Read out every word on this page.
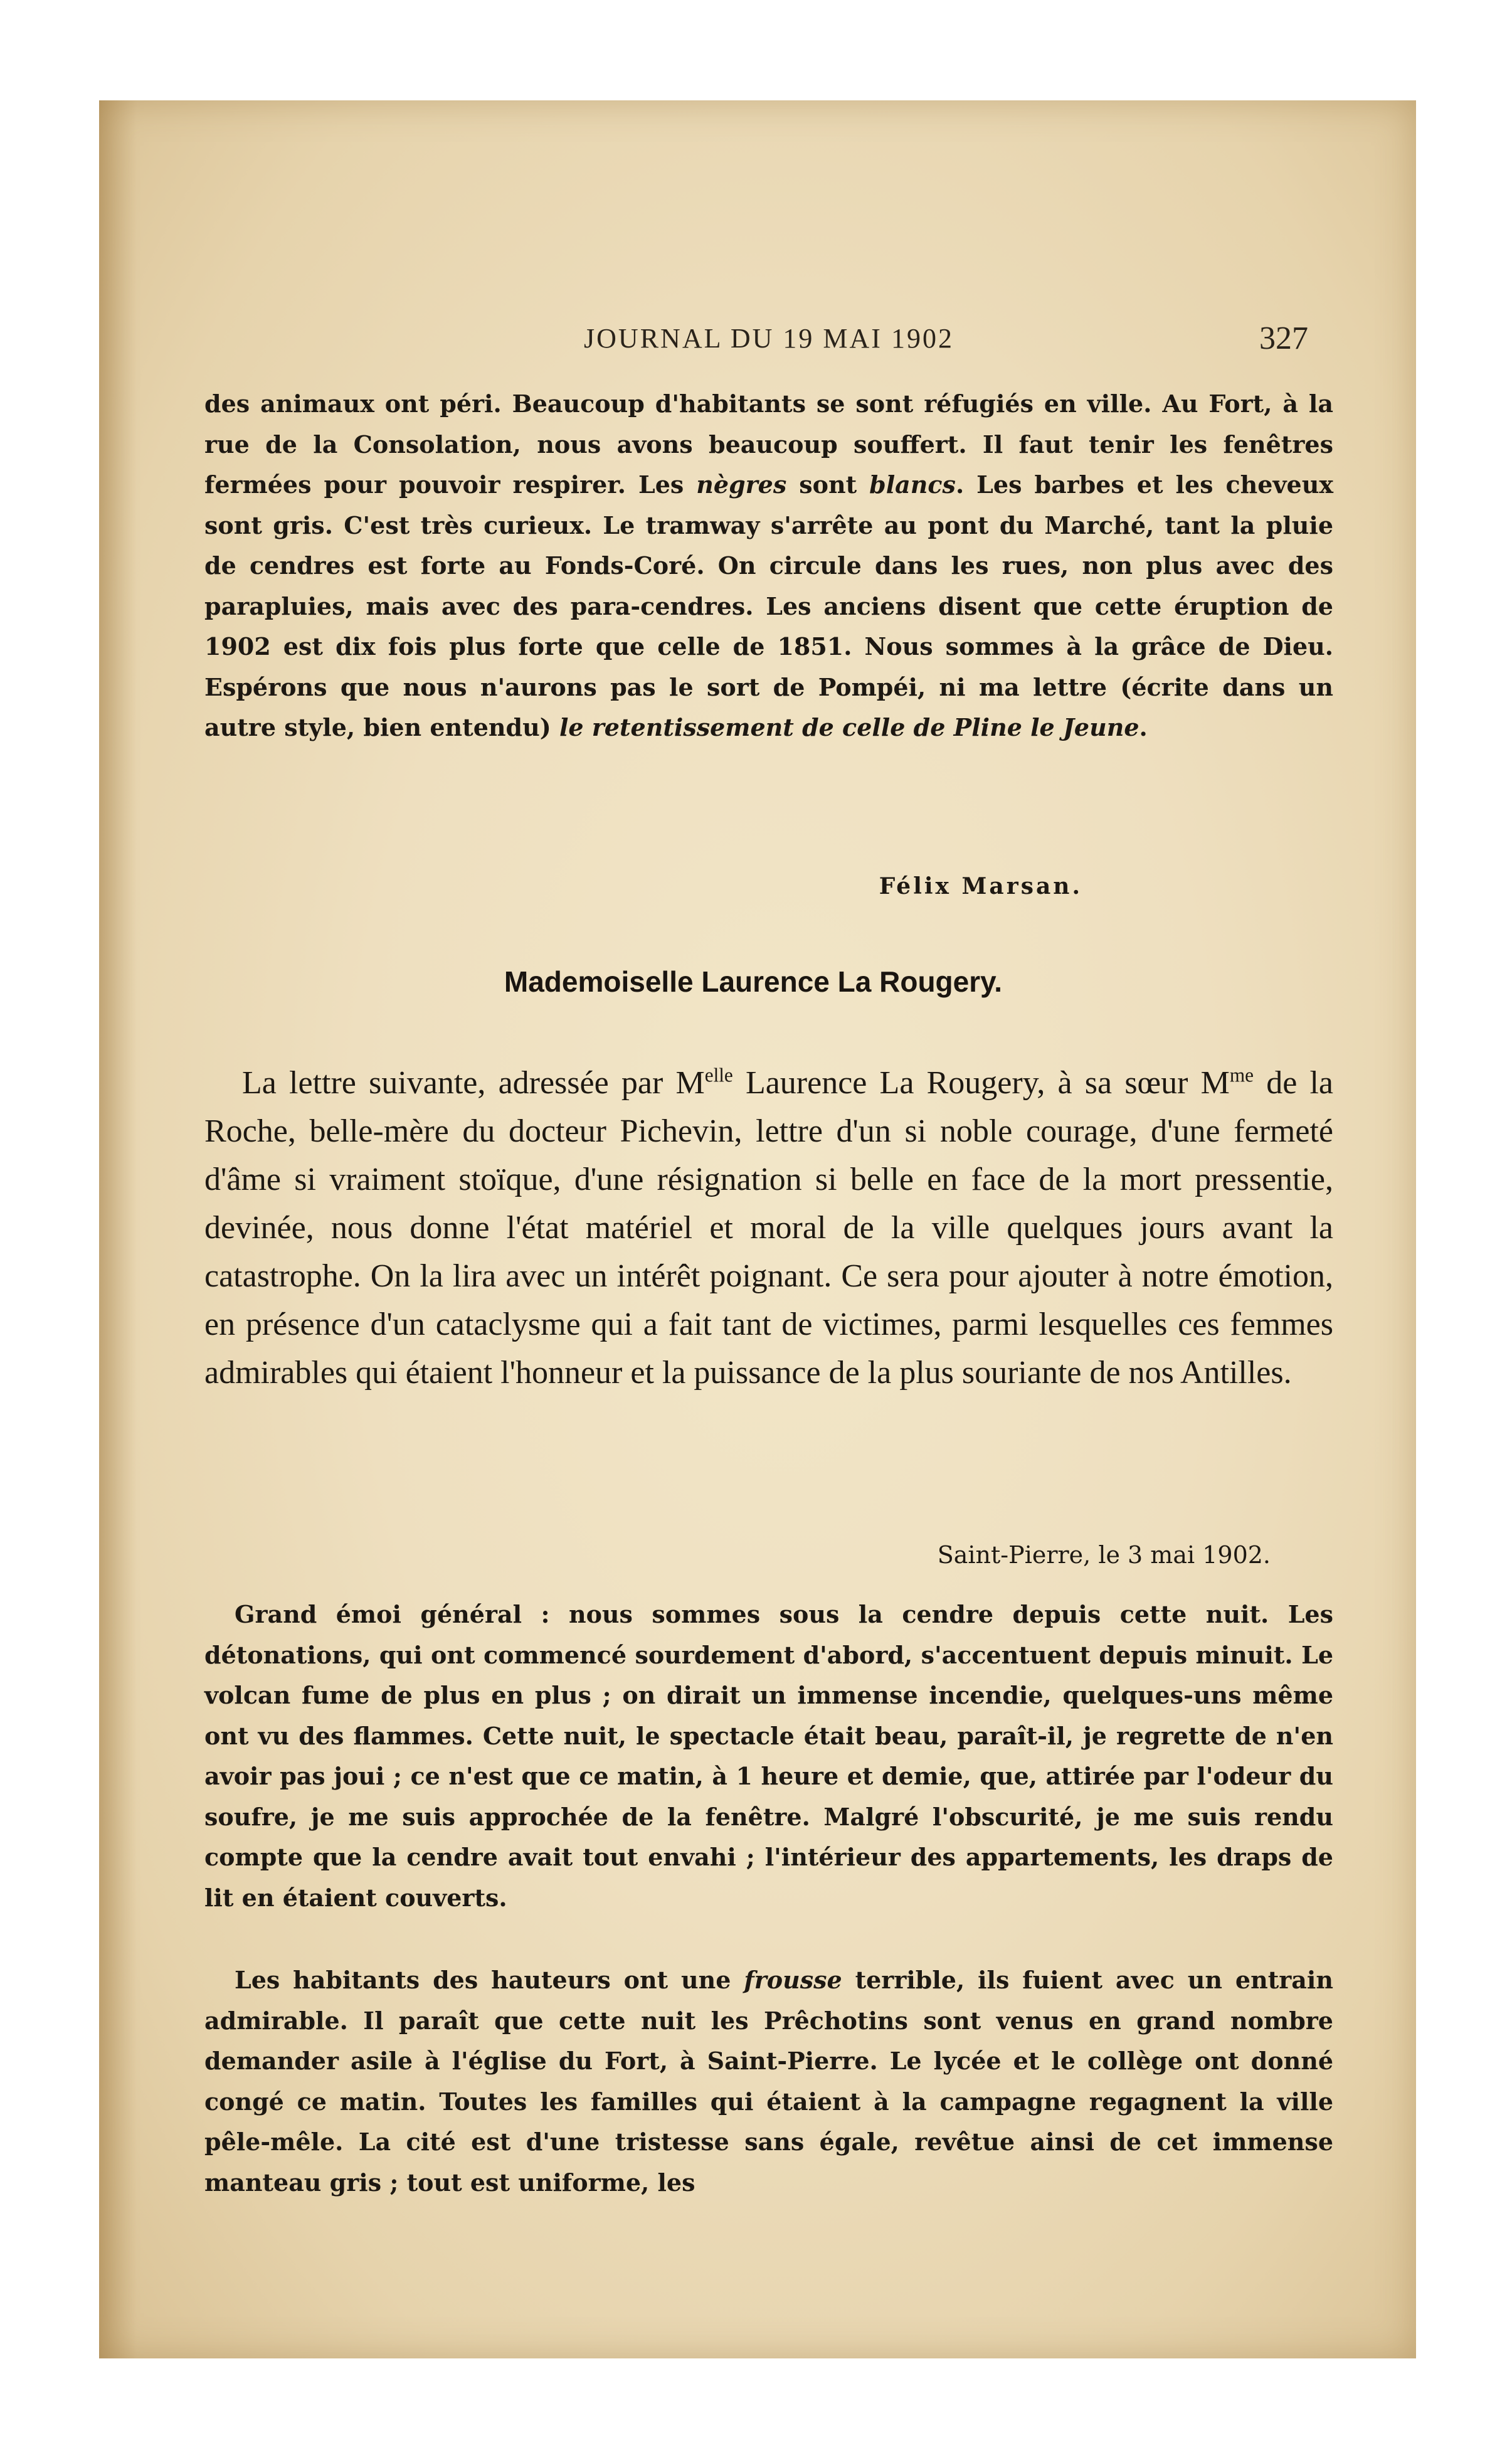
JOURNAL DU 19 MAI 1902	327

des animaux ont péri. Beaucoup d'habitants se sont réfugiés en ville. Au Fort, à la rue de la Consolation, nous avons beaucoup souffert. Il faut tenir les fenêtres fermées pour pouvoir respirer. Les nègres sont blancs. Les barbes et les cheveux sont gris. C'est très curieux. Le tramway s'arrête au pont du Marché, tant la pluie de cendres est forte au Fonds-Coré. On circule dans les rues, non plus avec des parapluies, mais avec des para-cendres. Les anciens disent que cette éruption de 1902 est dix fois plus forte que celle de 1851. Nous sommes à la grâce de Dieu. Espérons que nous n'aurons pas le sort de Pompéi, ni ma lettre (écrite dans un autre style, bien entendu) le retentissement de celle de Pline le Jeune.

Félix Marsan.
Mademoiselle Laurence La Rougery.

La lettre suivante, adressée par $M^{elle}$ Laurence La Rougery, à sa sœur $M^{me}$ de la Roche, belle-mère du docteur Pichevin, lettre d'un si noble courage, d'une fermeté d'âme si vraiment stoïque, d'une résignation si belle en face de la mort pressentie, devinée, nous donne l'état matériel et moral de la ville quelques jours avant la catastrophe. On la lira avec un intérêt poignant. Ce sera pour ajouter à notre émotion, en présence d'un cataclysme qui a fait tant de victimes, parmi lesquelles ces femmes admirables qui étaient l'honneur et la puissance de la plus souriante de nos Antilles.

Saint-Pierre, le 3 mai 1902.

Grand émoi général : nous sommes sous la cendre depuis cette nuit. Les détonations, qui ont commencé sourdement d'abord, s'accentuent depuis minuit. Le volcan fume de plus en plus ; on dirait un immense incendie, quelques-uns même ont vu des flammes. Cette nuit, le spectacle était beau, paraît-il, je regrette de n'en avoir pas joui ; ce n'est que ce matin, à 1 heure et demie, que, attirée par l'odeur du soufre, je me suis approchée de la fenêtre. Malgré l'obscurité, je me suis rendu compte que la cendre avait tout envahi ; l'intérieur des appartements, les draps de lit en étaient couverts.

Les habitants des hauteurs ont une frousse terrible, ils fuient avec un entrain admirable. Il paraît que cette nuit les Prêchotins sont venus en grand nombre demander asile à l'église du Fort, à Saint-Pierre. Le lycée et le collège ont donné congé ce matin. Toutes les familles qui étaient à la campagne regagnent la ville pêle-mêle. La cité est d'une tristesse sans égale, revêtue ainsi de cet immense manteau gris ; tout est uniforme, les
